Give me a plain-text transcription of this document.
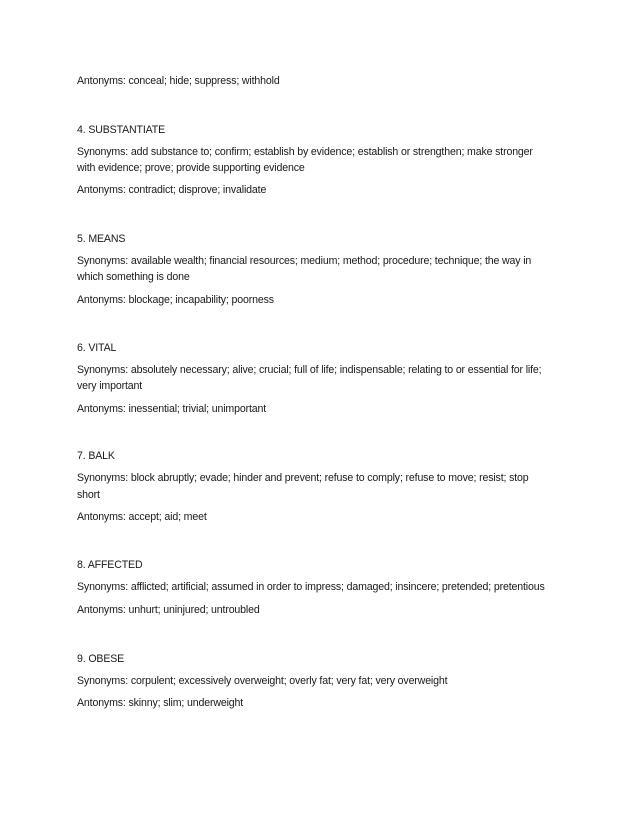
Antonyms: conceal; hide; suppress; withhold
4. SUBSTANTIATE
Synonyms: add substance to; confirm; establish by evidence; establish or strengthen; make stronger
with evidence; prove; provide supporting evidence
Antonyms: contradict; disprove; invalidate
5. MEANS
Synonyms: available wealth; financial resources; medium; method; procedure; technique; the way in
which something is done
Antonyms: blockage; incapability; poorness
6. VITAL
Synonyms: absolutely necessary; alive; crucial; full of life; indispensable; relating to or essential for life;
very important
Antonyms: inessential; trivial; unimportant
7. BALK
Synonyms: block abruptly; evade; hinder and prevent; refuse to comply; refuse to move; resist; stop
short
Antonyms: accept; aid; meet
8. AFFECTED
Synonyms: afflicted; artificial; assumed in order to impress; damaged; insincere; pretended; pretentious
Antonyms: unhurt; uninjured; untroubled
9. OBESE
Synonyms: corpulent; excessively overweight; overly fat; very fat; very overweight
Antonyms: skinny; slim; underweight
